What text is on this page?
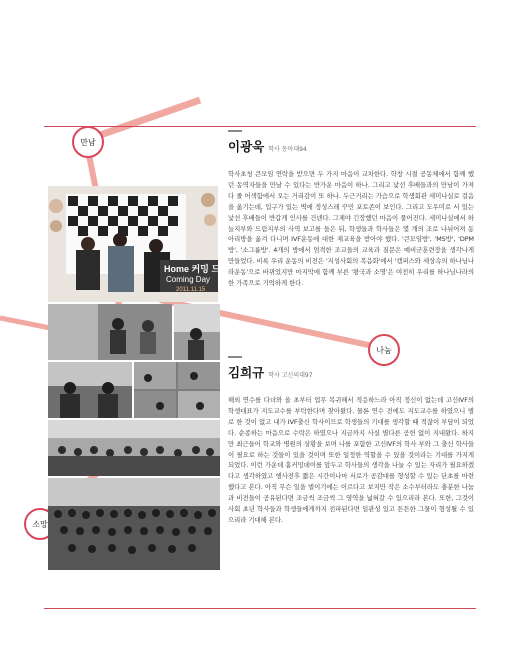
만남
나눔
소망
Home 커밍 드림
Coming Day
2011.11.15
이광욱 학사 동아대94

학사초청 큰모임 연락을 받으면 두 가지 마음이 교차한다. 학창 시절 공동체에서 함께 했던 동역자들을 만날 수 있다는 반가운 마음이 하나. 그리고 낯선 후배들과의 만남이 가져다 줄 어색함에서 오는 거리감이 또 하나. 두근거리는 가슴으로 학생회관 세미나실로 걸음을 옮기는데, 입구가 있는 벽에 정성스레 꾸민 포토존이 보인다. 그리고 도우미로 서 있는 낯선 후배들이 반갑게 인사를 건넨다. 그제야 긴장했던 마음이 풀어진다. 세미나실에서 하늘지부와 드림지부의 사역 보고를 들은 뒤, 학생들과 학사들은 몇 개의 조로 나뉘어져 동아리방을 옮겨 다니며 IVF운동에 대한 재교육을 받아야 했다. '큰모임방', 'MS방', 'DPM방', '소그룹방'. 4개의 방에서 엄격한 조교들의 교육과 질문은 예비군훈련장을 생각나게 만들었다. 비록 우리 운동의 비전은 '지성사회의 복음화'에서 '캠퍼스와 세상속의 하나님나라운동'으로 바뀌었지만 마지막에 함께 부른 '왕국과 소명'은 여전히 우리를 하나님나라의 한 가족으로 기억하게 한다.

김희규 학사 고신의대97

해외 연수를 다녀와 올 초부터 업무 복귀해서 적응하느라 아직 정신이 없는데 고신IVF의 학생대표가 지도교수를 부탁한다며 찾아왔다. 물론 연수 전에도 지도교수를 하였으니 별로 한 것이 없고 내가 IVF출신 학사이므로 학생들의 기대를 생각할 때 적잖이 부담이 되었다. 순종하는 마음으로 수락은 하였으나 지금까지 사실 별다른 공헌 없이 지내왔다. 하지만 최근들어 학교와 병원의 상황을 보며 나를 포함한 고신IVF의 학사 부와 그 출신 학사들이 필요로 하는 것들이 있을 것이며 또한 일정한 역할을 수 있을 것이라는 기대를 가지게 되었다. 이런 가운데 홈커밍데이를 앞두고 학사들의 생각을 나눌 수 있는 자리가 필요하겠다고 생각하였고 행사전후 짧은 시간이나마 서로가 공감대를 형성할 수 있는 단초를 마련했다고 본다. 아직 무슨 일을 벌이기에는 이르다고 보지만 작은 소수부터라도 충분한 나눔과 비전들이 공유된다면 조금씩 조금씩 그 영역을 넓혀갈 수 있으리라 본다. 또한, 그것이 사회 초년 학사들과 학생들에게까지 전파된다면 일관성 있고 튼튼한 그물이 형성될 수 있으리라 기대해 본다.
